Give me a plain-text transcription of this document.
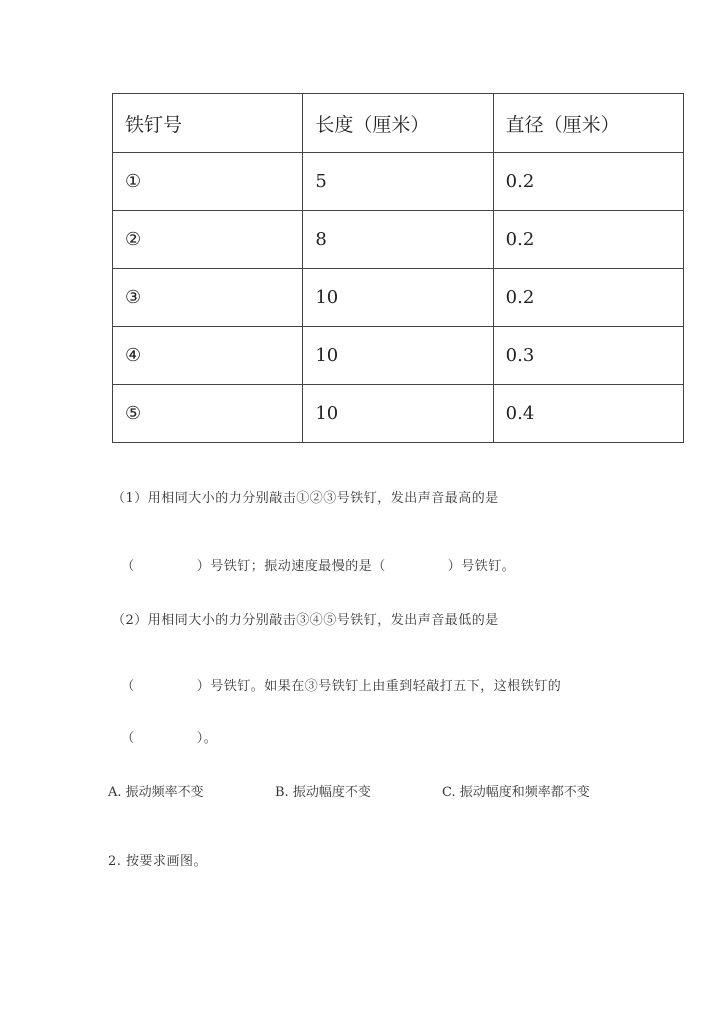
铁钉号	长度（厘米）	直径（厘米）
①	5	0.2
②	8	0.2
③	10	0.2
④	10	0.3
⑤	10	0.4
（1）用相同大小的力分别敲击①②③号铁钉，发出声音最高的是

（	）号铁钉；振动速度最慢的是（	）号铁钉。

（2）用相同大小的力分别敲击③④⑤号铁钉，发出声音最低的是

（	）号铁钉。如果在③号铁钉上由重到轻敲打五下，这根铁钉的

（	）。

A. 振动频率不变	B. 振动幅度不变	C. 振动幅度和频率都不变
2. 按要求画图。
